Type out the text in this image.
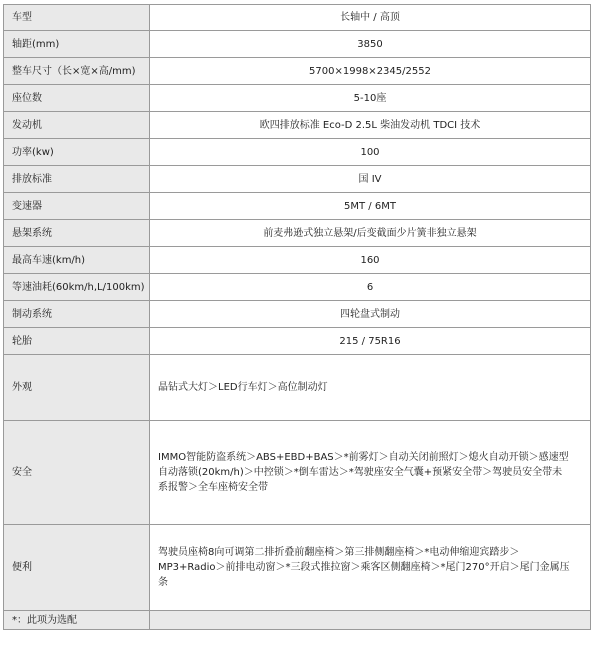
车型	长轴中 / 高顶
轴距(mm)	3850
整车尺寸（长×宽×高/mm)	5700×1998×2345/2552
座位数	5-10座
发动机	欧四排放标准 Eco-D 2.5L 柴油发动机 TDCI 技术
功率(kw)	100
排放标准	国 IV
变速器	5MT / 6MT
悬架系统	前麦弗逊式独立悬架/后变截面少片簧非独立悬架
最高车速(km/h)	160
等速油耗(60km/h,L/100km)	6
制动系统	四轮盘式制动
轮胎	215 / 75R16
外观	晶钻式大灯＞LED行车灯＞高位制动灯
安全	IMMO智能防盗系统＞ABS+EBD+BAS＞*前雾灯＞自动关闭前照灯＞熄火自动开锁＞感速型自动落锁(20km/h)＞中控锁＞*倒车雷达＞*驾驶座安全气囊+预紧安全带＞驾驶员安全带未系报警＞全车座椅安全带
便利	驾驶员座椅8向可调第二排折叠前翻座椅＞第三排侧翻座椅＞*电动伸缩迎宾踏步＞MP3+Radio＞前排电动窗＞*三段式推拉窗＞乘客区侧翻座椅＞*尾门270°开启＞尾门金属压条
*：此项为选配	
